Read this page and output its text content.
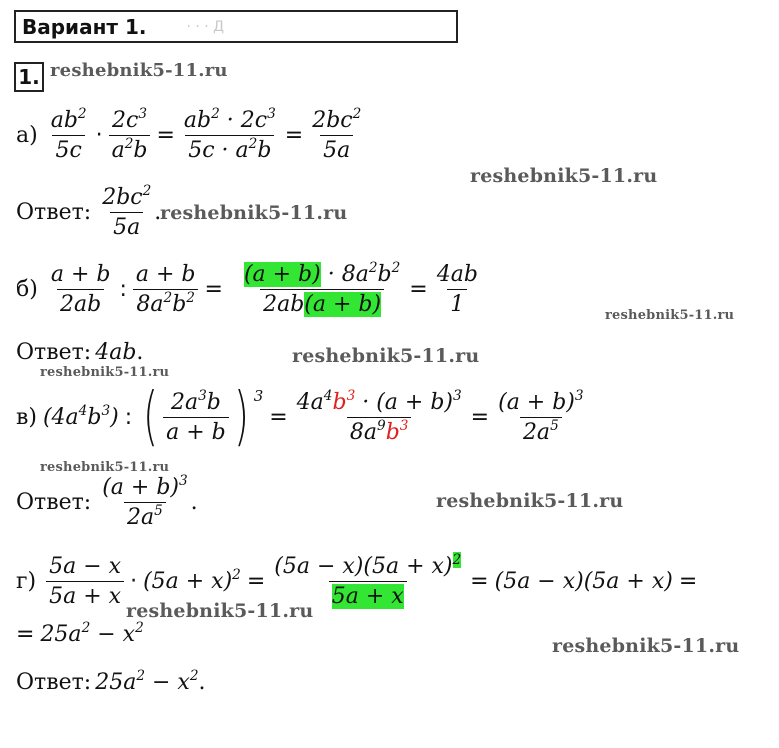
Вариант 1.	· · · Д
1. reshebnik5-11.ru
reshebnik5-11.ru
reshebnik5-11.ru
reshebnik5-11.ru
reshebnik5-11.ru
reshebnik5-11.ru
reshebnik5-11.ru
reshebnik5-11.ru
reshebnik5-11.ru
reshebnik5-11.ru
$а) \frac{ab^2}{5c} \cdot \frac{2c^3}{a^2b} = \frac{ab^2 \cdot 2c^3}{5c \cdot a^2b} = \frac{2bc^2}{5a}$
Ответ: $\frac{2bc^2}{5a}$ .
$б) \frac{a + b}{2ab}$ : $\frac{a + b}{8a^2b^2} = \frac{(a + b) \cdot 8a^2b^2}{2ab(a + b)} = \frac{4ab}{1}$
Ответ: 4ab .
в) $(4a^4b^3)$ : ( $\frac{2a^3b}{a + b}$ ) 3
= $\frac{4a^4b^3 \cdot (a + b)^3}{8a^9b^3} = \frac{(a + b)^3}{2a^5}$
Ответ: $\frac{(a + b)^3}{2a^5}$ .
$г) \frac{5a - x}{5a + x} \cdot (5a + x)^2 = \frac{(5a - x)(5a + x)^2}{5a + x} = (5a - x)(5a + x)$ =
= $25a^2 - x^2$
Ответ: $25a^2 - x^2$ .
